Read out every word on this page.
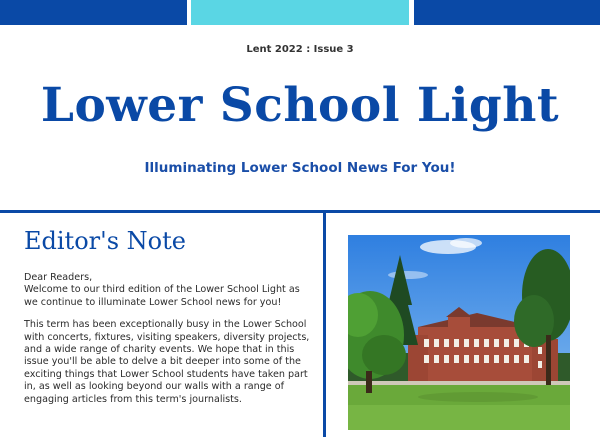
Lent 2022 : Issue 3
Lower School Light
Illuminating Lower School News For You!
Editor's Note

Dear Readers,
Welcome to our third edition of the Lower School Light as we continue to illuminate Lower School news for you!

This term has been exceptionally busy in the Lower School with concerts, fixtures, visiting speakers, diversity projects, and a wide range of charity events. We hope that in this issue you'll be able to delve a bit deeper into some of the exciting things that Lower School students have taken part in, as well as looking beyond our walls with a range of engaging articles from this term's journalists.
